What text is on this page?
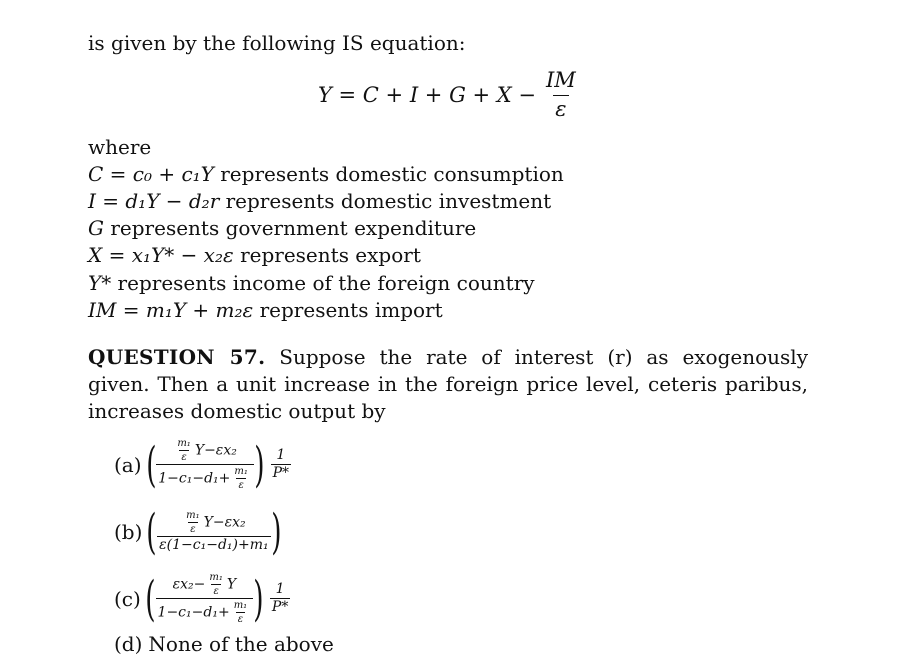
is given by the following IS equation:
$Y = C + I + G + X - \frac{IM}{\varepsilon}$
where
C = c₀ + c₁Y represents domestic consumption
I = d₁Y − d₂r represents domestic investment
G represents government expenditure
X = x₁Y* − x₂ε represents export
Y* represents income of the foreign country
IM = m₁Y + m₂ε represents import
QUESTION 57. Suppose the rate of interest (r) as exogenously given. Then a unit increase in the foreign price level, ceteris paribus, increases domestic output by
(a) ( $\frac{\frac{\text{m₁}}{\varepsilon} Y-\varepsilon x_2}{1-c_1-d_1+ \frac{\text{m₁}}{\varepsilon}}$ ) $\frac{1}{P*}$
(b) ( $\frac{\frac{\text{m₁}}{\varepsilon} Y-\varepsilon x_2}{\text{ε(1−c₁−d₁)+m₁}}$ )
(c) ( $\frac{\varepsilon x_2- \frac{\text{m₁}}{\varepsilon} Y}{1-c_1-d_1+ \frac{\text{m₁}}{\varepsilon}}$ ) $\frac{1}{P*}$
(d) None of the above
